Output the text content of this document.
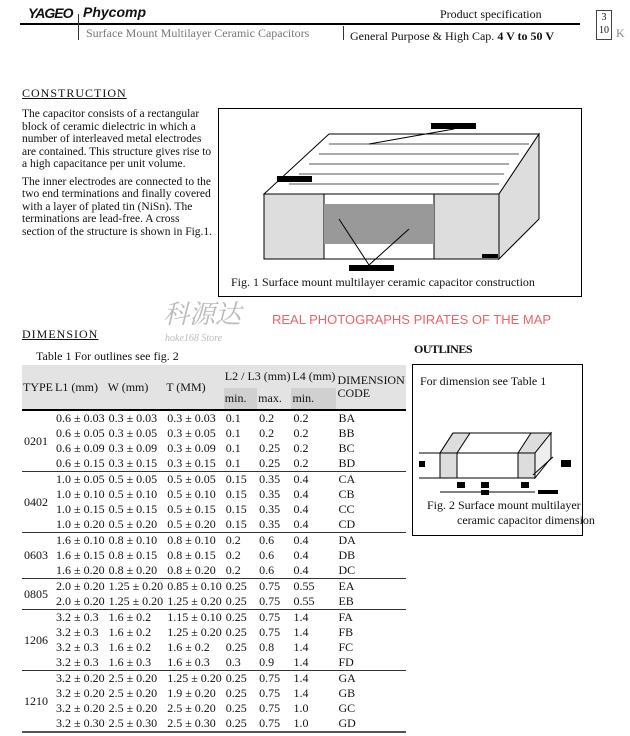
YAGEO Phycomp
Surface Mount Multilayer Ceramic Capacitors	General Purpose & High Cap. 4 V to 50 V
Product specification	3
10 K
CONSTRUCTION
The capacitor consists of a rectangular block of ceramic dielectric in which a number of interleaved metal electrodes are contained. This structure gives rise to a high capacitance per unit volume.
The inner electrodes are connected to the two end terminations and finally covered with a layer of plated tin (NiSn). The terminations are lead-free. A cross section of the structure is shown in Fig.1.
Fig. 1 Surface mount multilayer ceramic capacitor construction
科源达
hoke168 Store
REAL PHOTOGRAPHS PIRATES OF THE MAP
DIMENSION
Table 1 For outlines see fig. 2
TYPE	L1 (mm)	W (mm)	T (MM)	L2 / L3 (mm)		L4 (mm)	DIMENSION CODE
				min.	max.	min.	
0201	0.6 ± 0.03	0.3 ± 0.03	0.3 ± 0.03	0.1	0.2	0.2	BA
	0.6 ± 0.05	0.3 ± 0.05	0.3 ± 0.05	0.1	0.2	0.2	BB
	0.6 ± 0.09	0.3 ± 0.09	0.3 ± 0.09	0.1	0.25	0.2	BC
	0.6 ± 0.15	0.3 ± 0.15	0.3 ± 0.15	0.1	0.25	0.2	BD
0402	1.0 ± 0.05	0.5 ± 0.05	0.5 ± 0.05	0.15	0.35	0.4	CA
	1.0 ± 0.10	0.5 ± 0.10	0.5 ± 0.10	0.15	0.35	0.4	CB
	1.0 ± 0.15	0.5 ± 0.15	0.5 ± 0.15	0.15	0.35	0.4	CC
	1.0 ± 0.20	0.5 ± 0.20	0.5 ± 0.20	0.15	0.35	0.4	CD
0603	1.6 ± 0.10	0.8 ± 0.10	0.8 ± 0.10	0.2	0.6	0.4	DA
	1.6 ± 0.15	0.8 ± 0.15	0.8 ± 0.15	0.2	0.6	0.4	DB
	1.6 ± 0.20	0.8 ± 0.20	0.8 ± 0.20	0.2	0.6	0.4	DC
0805	2.0 ± 0.20	1.25 ± 0.20	0.85 ± 0.10	0.25	0.75	0.55	EA
	2.0 ± 0.20	1.25 ± 0.20	1.25 ± 0.20	0.25	0.75	0.55	EB
1206	3.2 ± 0.3	1.6 ± 0.2	1.15 ± 0.10	0.25	0.75	1.4	FA
	3.2 ± 0.3	1.6 ± 0.2	1.25 ± 0.20	0.25	0.75	1.4	FB
	3.2 ± 0.3	1.6 ± 0.2	1.6 ± 0.2	0.25	0.8	1.4	FC
	3.2 ± 0.3	1.6 ± 0.3	1.6 ± 0.3	0.3	0.9	1.4	FD
1210	3.2 ± 0.20	2.5 ± 0.20	1.25 ± 0.20	0.25	0.75	1.4	GA
	3.2 ± 0.20	2.5 ± 0.20	1.9 ± 0.20	0.25	0.75	1.4	GB
	3.2 ± 0.20	2.5 ± 0.20	2.5 ± 0.20	0.25	0.75	1.0	GC
	3.2 ± 0.30	2.5 ± 0.30	2.5 ± 0.30	0.25	0.75	1.0	GD
OUTLINES
For dimension see Table 1
Fig. 2 Surface mount multilayer
ceramic capacitor dimension
